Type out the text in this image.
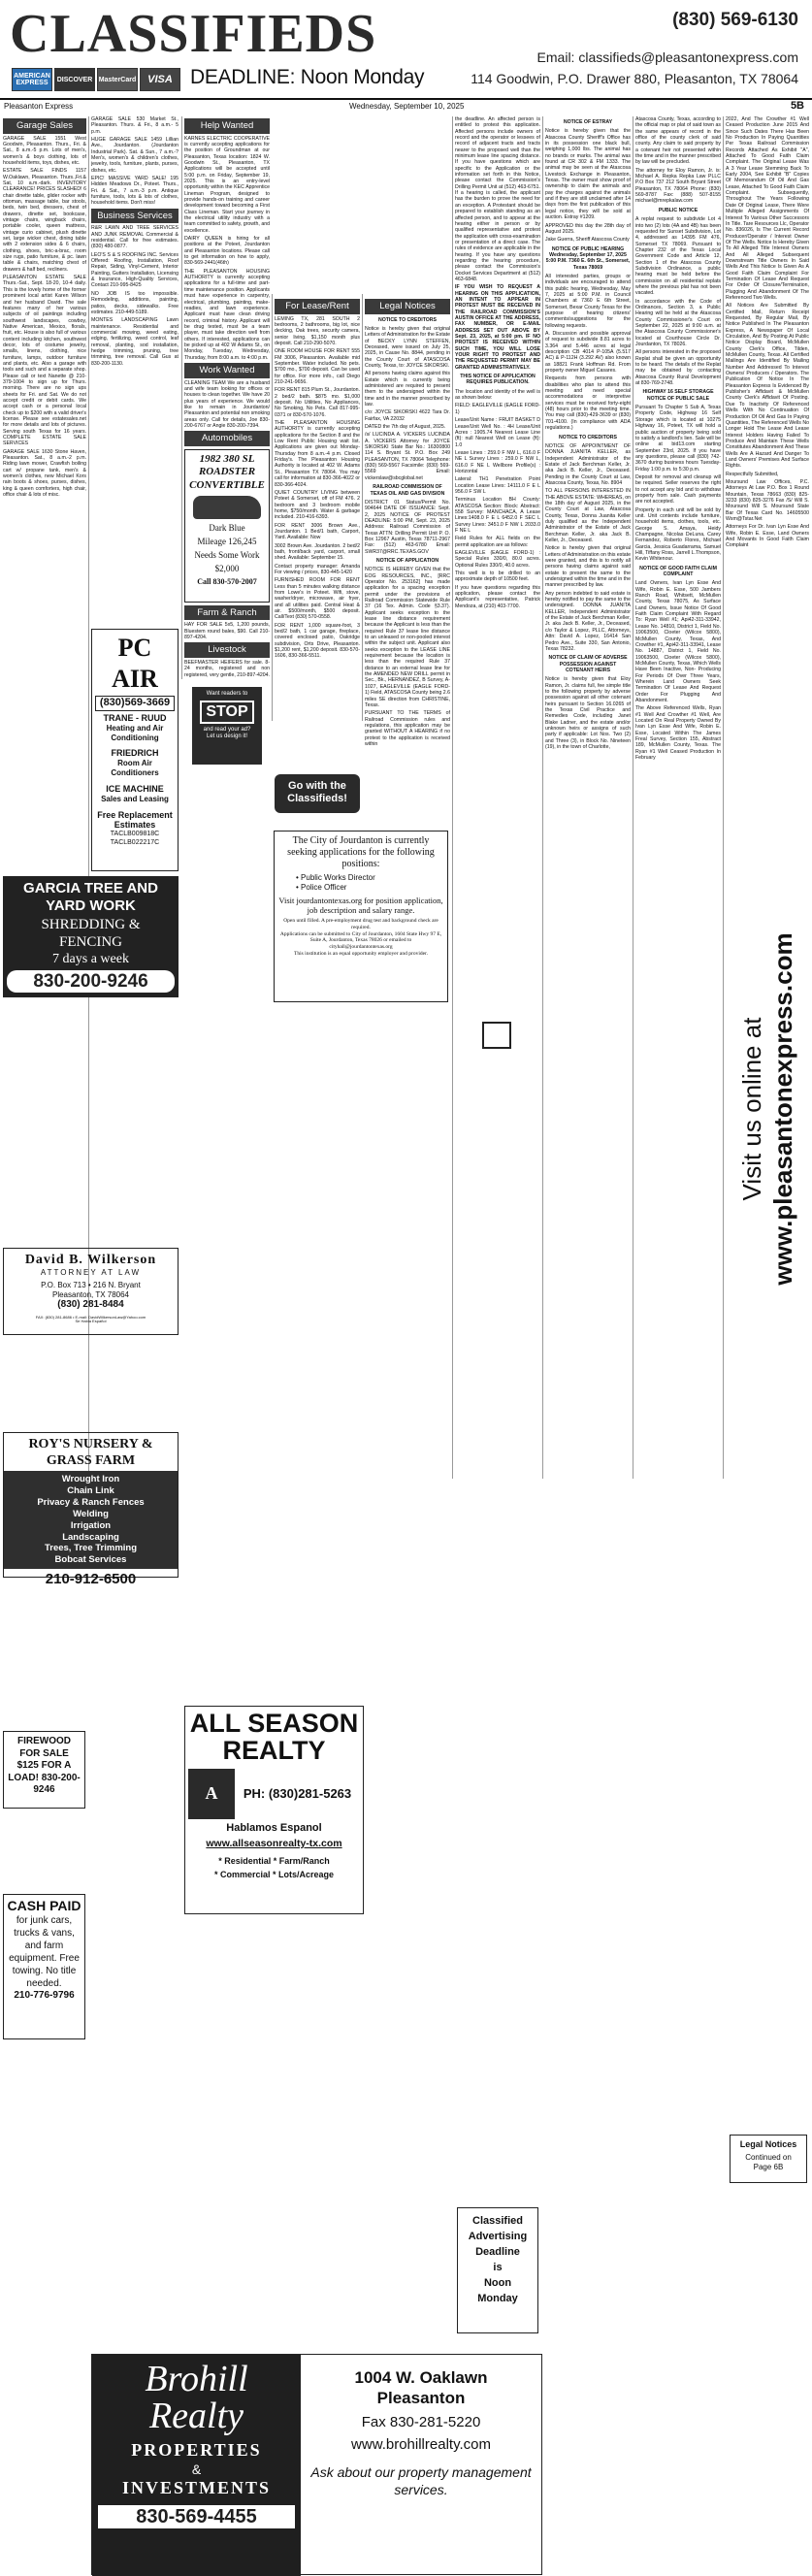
CLASSIFIEDS	(830) 569-6130
Email: classifieds@pleasantonexpress.com
114 Goodwin, P.O. Drawer 880, Pleasanton, TX 78064
AMERICAN EXPRESS	DISCOVER MasterCard	VISA DEADLINE: Noon Monday
Pleasanton Express	Wednesday, September 10, 2025	5B
Garage Sales

GARAGE SALE 1551 West Goodwin, Pleasanton. Thurs., Fri. & Sat., 8 a.m.-5 p.m. Lots of men's, women's & boys clothing, lots of household items, toys, dishes, etc.

ESTATE SALE FINDS 1157 W.Oaklawn, Pleasanton. Thurs.,Fri.& Sat, 10 a.m.-dark. INVENTORY CLEARANCE! PRICES SLASHED! 6 chair dinette table, glider rocker with ottoman, massage table, bar stools, beds, twin bed, dressers, chest of drawers, dinette set, bookcase, vintage chairs, wingback chairs, portable cooler, queen mattress, vintage curio cabinet, plush dinette set, large wicker chest, dining table with 2 extension sides & 6 chairs, clothing, shoes, bric-a-brac, room size rugs, patio furniture, & pc. lawn table & chairs, matching chest of drawers & half bed, recliners.

PLEASANTON ESTATE SALE Thurs.-Sat., Sept. 18-20, 10-4 daily. This is the lovely home of the former prominent local artist Karen Wilson and her husband David. The sale features many of her various subjects of oil paintings including southwest landscapes, cowboy, Native American, Mexico, florals, fruit, etc. House is also full of various content including kitchen, southwest decor, lots of costume jewelry, smalls, linens, clothing, nice furniture, lamps, outdoor furniture and plants, etc. Also a garage with tools and such and a separate shop. Please call or text Nanette @ 210-379-1004 to sign up for Thurs. morning. There are no sign ups sheets for Fri. and Sat. We do not accept credit or debit cards. We accept cash or a personal local check up to $200 with a valid driver's license. Please see estatesales.net for more details and lots of pictures. Serving south Texas for 16 years. COMPLETE ESTATE SALE SERVICES

GARAGE SALE 1630 Stone Haven, Pleasanton. Sat., 8 a.m.-2 p.m. Riding lawn mower, Crawfish boiling cart w/ propane tank, men's & women's clothes, new Michael Kors rain boots & shoes, purses, dishes, king & queen comforters, high chair, office chair & lots of misc.

GARAGE SALE 530 Market St., Pleasanton. Thurs. & Fri., 8 a.m.- 5 p.m.

HUGE GARAGE SALE 1459 Lillian Ave., Jourdanton. (Jourdanton Industrial Park). Sat. & Sun., 7 a.m.-? Men's, women's & children's clothes, jewelry, tools, furniture, plants, purses, dishes, etc.

EPIC! MASSIVE YARD SALE! 195 Hidden Meadows Dr., Poteet. Thurs., Fri. & Sat., 7 a.m.-3 p.m. Antique furniture, tools, lots & lots of clothes, household items. Don't miss!

Business Services

R&R LAWN AND TREE SERVICES AND JUNK REMOVAL Commercial & residential. Call for free estimates. (830) 480-0877.

LEO'S S & S ROOFING INC. Services Offered: Roofing, Installation, Roof Repair, Siding, Vinyl-Cement, Interior Painting, Gutters Installation, Licensing & Insurance, High-Quality Services, Contact 210-995-8425

NO JOB IS too impossible. Remodeling, additions, painting, patios, decks, sidewalks. Free estimates. 210-449-5189.

MONTES LANDSCAPING Lawn maintenance. Residential and commercial mowing, weed eating, edging, fertilizing, weed control, leaf removal, planting, sod installation, hedge trimming, pruning, tree trimming, tree removal. Call Gus at 830-200-1130.

PC AIR
(830)569-3669
TRANE - RUUD
Heating and Air Conditioning
FRIEDRICH
Room Air Conditioners
ICE MACHINE
Sales and Leasing
Free Replacement Estimates
TACLB009818C
TACLB022217C
GARCIA TREE AND
YARD WORK
SHREDDING &
FENCING
7 days a week
830-200-9246
David B. Wilkerson
ATTORNEY AT LAW
P.O. Box 713 • 216 N. Bryant
Pleasanton, TX 78064
(830) 281-8484
FAX: (830) 281-8686 • E-mail: DavidWilkersonLaw@Yahoo.com
Se Habla Español
ROY'S NURSERY &
GRASS FARM
Wrought Iron
Chain Link
Privacy & Ranch Fences
Welding
Irrigation
Landscaping
Trees, Tree Trimming
Bobcat Services
210-912-6500
FIREWOOD FOR SALE $125 FOR A LOAD! 830-200-9246
CASH PAID
for junk cars, trucks & vans, and farm equipment. Free towing. No title needed.
210-776-9796
Help Wanted

KARNES ELECTRIC COOPERATIVE is currently accepting applications for the position of Groundman at our Pleasanton, Texas location: 1824 W. Goodwin St., Pleasanton, TX Applications will be accepted until 5:00 p.m. on Friday, September 19, 2025. This is an entry-level opportunity within the KEC Apprentice Lineman Program, designed to provide hands-on training and career development toward becoming a First Class Lineman. Start your journey in the electrical utility industry with a team committed to safety, growth, and excellence.

DAIRY QUEEN is hiring for all positions at the Poteet, Jourdanton and Pleasanton locations. Please call to get information on how to apply, 830-569-2441(46th)

THE PLEASANTON HOUSING AUTHORITY is currently accepting applications for a full-time and part-time maintenance position. Applicants must have experience in carpentry, electrical, plumbing, painting, make-readies, and lawn experience. Applicant must have clean driving record, criminal history. Applicant will be drug tested, must be a team player, must take direction well from others. If interested, applications can be picked up at 402 W Adams St., on Monday, Tuesday, Wednesday, Thursday, from 8:00 a.m. to 4:00 p.m.

Work Wanted

CLEANING TEAM We are a husband and wife team looking for offices or houses to clean together. We have 20 plus years of experience. We would like to remain in Jourdanton/ Pleasanton and potential non smoking areas only. Call for details, Joe 830-200-6767 or Angie 830-200-7394.

Automobiles
1982 380 SL
ROADSTER
CONVERTIBLE
Dark Blue
Mileage 126,245
Needs Some Work
$2,000
Call 830-570-2007
Farm & Ranch

HAY FOR SALE 5x5, 1,200 pounds, Bluestem round bales, $90. Call 210-897-4204.

Livestock

BEEFMASTER HEIFERS for sale. 8-24 months, registered and non registered, very gentle, 210-897-4204.

Want readers to
STOP
and read your ad?
Let us design it!
The City of Jourdanton is currently seeking applications for the following positions:
• Public Works Director
• Police Officer
Visit jourdantontexas.org for position application, job description and salary range.
Open until filled. A pre-employment drug test and background check are required.
Applications can be submitted to City of Jourdanton, 1604 State Hwy 97 E, Suite A, Jourdanton, Texas 78026 or emailed to cityhall@jourdantontexas.org
This institution is an equal opportunity employer and provider.
For Lease/Rent

LEMING TX, 281 SOUTH 2 bedrooms, 2 bathrooms, big lot, nice decking, Oak trees, security camera, senior living. $1,150 month plus deposit. Call 210-290-5070.

ONE ROOM HOUSE FOR RENT 555 FM 3006, Pleasanton. Available mid September. Water included. No pets. $700 mo., $700 deposit. Can be used for office. For more info., call Diego 210-241-9656.

FOR RENT 815 Plum St., Jourdanton. 2 bed/2 bath. $875 mo. $1,000 deposit. No Utilities, No Appliances, No Smoking, No Pets. Call 817-995-0371 or 830-570-1076.

THE PLEASANTON HOUSING AUTHORITY is currently accepting applications for the Section 8 and the Low Rent Public Housing wait list. Applications are given out Monday-Thursday from 8 a.m.-4 p.m. Closed Friday's. The Pleasanton Housing Authority is located at 402 W. Adams St., Pleasanton TX 78064. You may call for information at 830-366-4022 or 830-366-4024.

QUIET COUNTRY LIVING between Poteet & Somerset, off of FM 476. 2 bedroom and 3 bedroom mobile home, $750/month. Water & garbage included. 210-416-6393.

FOR RENT 3006 Brown Ave., Jourdanton. 1 Bed/1 bath, Carport, Yard. Available: Now

3002 Brown Ave. Jourdanton. 2 bed/2 bath, front/back yard, carport, small shed. Available: September 15.

Contact property manager: Amanda For viewing / prices, 830-445-1420

FURNISHED ROOM FOR RENT Less than 5 minutes walking distance from Lowe's in Poteet. Wifi, stove, washer/dryer, microwave, air fryer, and all utilities paid. Central Heat & air. $500/month, $500 deposit. Call/Text (830) 570-0558.

FOR RENT 1,000 square-foot, 3 bed/2 bath, 1 car garage, fireplace, covered enclosed patio, Oakridge subdivision, Orts Drive, Pleasanton. $1,200 rent, $1,200 deposit. 830-570-1606, 830-366-5511.

Go with the Classifieds!
ALL SEASON
REALTY
A	PH: (830)281-5263
Hablamos Espanol
www.allseasonrealty-tx.com
* Residential * Farm/Ranch
* Commercial * Lots/Acreage
Brohill
Realty
PROPERTIES
&
INVESTMENTS
830-569-4455
1004 W. Oaklawn
Pleasanton
Fax 830-281-5220
www.brohillrealty.com
Ask about our property management services.
Legal Notices
NOTICE TO CREDITORS

Notice is hereby given that original Letters of Administration for the Estate of BECKY LYNN STEFFEN, Deceased, were issued on July 25, 2025, in Cause No. 8844, pending in the County Court of ATASCOSA County, Texas, to: JOYCE SIKORSKI.

All persons having claims against this Estate which is currently being administered are required to present them to the undersigned within the time and in the manner prescribed by law.

c/o: JOYCE SIKORSKI 4622 Tara Dr. Fairfax, VA 22032

DATED the 7th day of August, 2025.

/s/ LUCINDA A. VICKERS LUCINDA A. VICKERS Attorney for JOYCE SIKORSKI State Bar No.: 16300800 114 S. Bryant St. P.O. Box 249 PLEASANTON, TX 78064 Telephone: (830) 569-5567 Facsimile: (830) 569-5569 Email: vickerslaw@sbcglobal.net

RAILROAD COMMISSION OF TEXAS OIL AND GAS DIVISION

DISTRICT 01 Status/Permit No. 904644 DATE OF ISSUANCE: Sept. 2, 2025 NOTICE OF PROTEST DEADLINE: 5:00 PM, Sept. 23, 2025 Address: Railroad Commission of Texas ATTN: Drilling Permit Unit P. O. Box 12967 Austin, Texas 78711-2967 Fax: (512) 463-6780 Email: SWR37@RRC.TEXAS.GOV

NOTICE OF APPLICATION

NOTICE IS HEREBY GIVEN that the EOG RESOURCES, INC., [RRC Operator No. 253162] has made application for a spacing exception permit under the provisions of Railroad Commission Statewide Rule 37 (16 Tex. Admin. Code §3.37). Applicant seeks exception to the lease line distance requirement because the Applicant is less than the required Rule 37 lease line distance to an unleased or non-pooled interest within the subject unit. Applicant also seeks exception to the LEASE LINE requirement because the location is less than the required Rule 37 distance to an external lease line for the AMENDED NEW DRILL permit in Sec., Bk., HERNANDEZ, B Survey, A-1027, EAGLEVILLE (EAGLE FORD-1) Field, ATASCOSA County being 2.6 miles SE direction from CHRISTINE, Texas.

PURSUANT TO THE TERMS of Railroad Commission rules and regulations, this application may be granted WITHOUT A HEARING if no protest to the application is received within

the deadline. An affected person is entitled to protest this application. Affected persons include owners of record and the operator or lessees of record of adjacent tracts and tracts nearer to the proposed well than the minimum lease line spacing distance. If you have questions which are specific to the Application or the information set forth in this Notice, please contact the Commission's Drilling Permit Unit at (512) 463-6751. If a hearing is called, the applicant has the burden to prove the need for an exception. A Protestant should be prepared to establish standing as an affected person, and to appear at the hearing either in person or by qualified representative and protest the application with cross-examination or presentation of a direct case. The rules of evidence are applicable in the hearing. If you have any questions regarding the hearing procedure, please contact the Commission's Docket Services Department at (512) 463-6848.

IF YOU WISH TO REQUEST A HEARING ON THIS APPLICATION, AN INTENT TO APPEAR IN PROTEST MUST BE RECEIVED IN THE RAILROAD COMMISSION'S AUSTIN OFFICE AT THE ADDRESS, FAX NUMBER, OR E-MAIL ADDRESS SET OUT ABOVE BY Sept. 23, 2025, at 5:00 pm. IF NO PROTEST IS RECEIVED WITHIN SUCH TIME, YOU WILL LOSE YOUR RIGHT TO PROTEST AND THE REQUESTED PERMIT MAY BE GRANTED ADMINISTRATIVELY.

THIS NOTICE OF APPLICATION REQUIRES PUBLICATION.

The location and identity of the well is as shown below:

FIELD: EAGLEVILLE (EAGLE FORD-1)

Lease/Unit Name : FRUIT BASKET D Lease/Unit Well No. : 4H Lease/Unit Acres : 1905.74 Nearest Lease Line (ft): null Nearest Well on Lease (ft): 1.0

Lease Lines : 259.0 F NW L, 616.0 F NE L Survey Lines : 259.0 F NW L, 616.0 F NE L Wellbore Profile(s) : Horizontal

Lateral: TH1 Penetration Point Location Lease Lines: 14111.0 F E L 956.0 F SW L

Terminus Location BH County: ATASCOSA Section: Block: Abstract: 558 Survey: MANCHACA, A Lease Lines:1408.0 F E L 6452.0 F SEC L Survey Lines: 3451.0 F NW L 2033.0 F NE L

Field Rules for ALL fields on the permit application are as follows:

EAGLEVILLE (EAGLE FORD-1) : Special Rules 330/0, 80.0 acres. Optional Rules 330/0, 40.0 acres.

This well is to be drilled to an approximate depth of 10500 feet.

If you have questions regarding this application, please contact the Applicant's representative, Patrick Mendoza, at (210) 403-7700.

Classified
Advertising
Deadline
is
Noon
Monday
NOTICE OF ESTRAY

Notice is hereby given that the Atascosa County Sheriff's Office has in its possession one black bull, weighing 1,000 lbs. The animal has no brands or marks. The animal was found at CR 302 & FM 1333. The animal may be seen at the Atascosa Livestock Exchange in Pleasanton, Texas. The owner must show proof of ownership to claim the animals and pay the charges against the animals and if they are still unclaimed after 14 days from the first publication of this legal notice, they will be sold at auction. Estray #1209.

APPROVED this day the 28th day of August 2025.

Jake Guerra, Sheriff Atascosa County

NOTICE OF PUBLIC HEARING Wednesday, September 17, 2025 5:00 P.M. 7360 E. 6th St., Somerset, Texas 78069

All interested parties, groups or individuals are encouraged to attend this public hearing, Wednesday, May 7, 2025 at 5:00 P.M. in Council Chambers at 7360 E 6th Street, Somerset, Bexar County Texas for the purpose of hearing citizens' comments/suggestions for the following requests.

A. Discussion and possible approval of request to subdivide 8.81 acres to 3.364 and 5.446 acres at legal description CB 4014 P-105A (5.517 AC) & P-112H (3.292 AV) also known as 18821 Frank Hoffman Rd. From property owner Miguel Casares.

Requests from persons with disabilities who plan to attend this meeting and need special accommodations or interpretive services must be received forty-eight (48) hours prior to the meeting time. You may call (830)-429-3639 or (830) 701-4100. (In compliance with ADA regulations.)

NOTICE TO CREDITORS

NOTICE OF APPOINTMENT OF DONNA JUANITA KELLER, as Independent Administrator of the Estate of Jack Berchman Keller, Jr. aka Jack B. Keller, Jr., Deceased. Pending in the County Court at Law, Atascosa County, Texas, No. 8904

TO ALL PERSONS INTERESTED IN THE ABOVE ESTATE: WHEREAS, on the 18th day of August 2025, in the County Court at Law, Atascosa County, Texas, Donna Juanita Keller duly qualified as the Independent Administrator of the Estate of Jack Berchman Keller, Jr. aka Jack B. Keller, Jr., Deceased.

Notice is hereby given that original Letters of Administration on this estate were granted, and this is to notify all persons having claims against said estate to present the same to the undersigned within the time and in the manner prescribed by law.

Any person indebted to said estate is hereby notified to pay the same to the undersigned. DONNA JUANITA KELLER, Independent Administrator of the Estate of Jack Berchman Keller, Jr. aka Jack B. Keller, Jr., Deceased, c/o Taylor & Lopez, PLLC, Attorneys, Attn: David A. Lopez, 16414 San Pedro Ave., Suite 330, San Antonio, Texas 78232.

NOTICE OF CLAIM OF ADVERSE POSSESSION AGAINST COTENANT HEIRS

Notice is hereby given that Eloy Ramon, Jr. claims full, fee simple title to the following property by adverse possession against all other cotenant heirs pursuant to Section 16.0265 of the Texas Civil Practice and Remedies Code, including Janet Blake Ladner, and the estate and/or unknown heirs or assigns of such party if applicable: Lot Nos. Two (2) and Three (3), in Block No. Nineteen (19), in the town of Charlotte,

Atascosa County, Texas, according to the official map or plat of said town as the same appears of record in the office of the county clerk of said county. Any claim to said property by a cotenant heir not presented within the time and in the manner prescribed by law will be precluded.

The attorney for Eloy Ramon, Jr. is: Michael A. Repka Repka Law PLLC P.O Box 737 212 South Bryant Street Pleasanton, TX 78064 Phone: (830) 569-8787 Fax: (888) 507-8155 michael@mrepkalaw.com

PUBLIC NOTICE

A replat request to subdivide Lot 4 into two (2) lots (4A and 4B) has been requested for Sunset Subdivision, Lot 4, addressed as 14395 FM 476, Somerset TX 78069. Pursuant to Chapter 232 of the Texas Local Government Code and Article 12, Section 1 of the Atascosa County Subdivision Ordinance, a public hearing must be held before the commission on all residential replats where the previous plat has not been vacated.

In accordance with the Code of Ordinances, Section 3, a Public Hearing will be held at the Atascosa County Commissioner's Court on September 22, 2025 at 9:00 a.m. at the Atascosa County Commissioner's located at Courthouse Circle Dr. Jourdanton, TX 78026.

All persons interested in the proposed Replat shall be given an opportunity to be heard. The details of the Replat may be obtained by contacting Atascosa County Rural Development at 830-769-2748.

HIGHWAY 16 SELF STORAGE NOTICE OF PUBLIC SALE

Pursuant To Chapter 5 Sub A, Texas Property Code, Highway 16 Self Storage which is located at 10275 Highway 16, Poteet, TX will hold a public auction of property being sold to satisfy a landlord's lien. Sale will be online at bid13.com starting September 23rd, 2025. If you have any questions, please call (830) 742-3670 during business hours Tuesday-Friday 1:00 p.m. to 5:30 p.m.

Deposit for removal and cleanup will be required. Seller reserves the right to not accept any bid and to withdraw property from sale. Cash payments are not accepted.

Property in each unit will be sold by unit. Unit contents include furniture, household items, clothes, tools, etc. George S. Amaya, Heidy Champagne, Nicolas DeLuna, Carey Fernandez, Roberto Flores, Michael Garcia, Jessica Guadarrama, Samuel Hill, Tiffany Ross, Jarrell L.Thompson, Kevin Whitenour.

NOTICE OF GOOD FAITH CLAIM COMPLAINT

Land Owners, Ivan Lyn Esse And Wife, Robin E. Esse, 500 Jambers Ranch Road, Whitsett, McMullen County, Texas 78075, As Surface Land Owners, Issue Notice Of Good Faith Claim Complaint With Regard To: Ryan Well #1; Api42-311-33942, Lease No. 14810, District 1, Field No. 19063500, Cloeter (Wilcox 5800), McMullen County, Texas, And Crowther #1, Api42-311-33941, Lease No. 14887, District 1, Field No. 19063500, Cloeter (Wilcox 5800), McMullen County, Texas, Which Wells Have Been Inactive, Non- Producing For Periods Of Over Three Years, Wherein Land Owners Seek Termination Of Lease And Request Order For Plugging And Abandonment.

The Above Referenced Wells, Ryan #1 Well And Crowther #1 Well, Are Located On Real Property Owned By Ivan Lyn Esse And Wife, Robin E. Esse, Located Within The James Freal Survey, Section 155, Abstract 189, McMullen County, Texas. The Ryan #1 Well Ceased Production In February

2022, And The Crowther #1 Well Ceased Production June 2015 And Since Such Dates There Has Been No Production In Paying Quantities Per Texas Railroad Commission Records Attached As Exhibit "A", Attached To Good Faith Claim Complaint. The Original Lease Was A 3 Year Lease Stemming Back To Early 2004, See Exhibit "B" Copies Of Memorandum Of Oil And Gas Lease, Attached To Good Faith Claim Complaint. Subsequently, Throughout The Years Following Date Of Original Lease, There Were Multiple Alleged Assignments Of Interest To Various Other Successors In Title. Tare Resources Llc, Operator No. 836026, Is The Current Record Producer/Operator / Interest Owner Of The Wells. Notice Is Hereby Given To All Alleged Title Interest Owners And All Alleged Subsequent Downstream Title Owners In Said Wells And This Notice Is Given As A Good Faith Claim Complaint For Termination Of Lease And Request For Order Of Closure/Termination, Plugging And Abandonment Of The Referenced Two Wells.

All Notices Are Submitted By Certified Mail, Return Receipt Requested, By Regular Mail, By Notice Published In The Pleasanton Express, A Newspaper Of Local Circulation, And By Posting At Public Notice Display Board, McMullen County Clerk's Office, Tilden, McMullen County, Texas. All Certified Mailings Are Identified By Mailing Number And Addressed To Interest Owners/ Producers / Operators. The Publication Of Notice In The Pleasanton Express Is Evidenced By Publisher's Affidavit & McMullen County Clerk's Affidavit Of Posting. Due To Inactivity Of Referenced Wells With No Continuation Of Production Of Oil And Gas In Paying Quantities, The Referenced Wells No Longer Hold The Lease And Lease Interest Holders Having Failed To Produce And Maintain These Wells Constitutes Abandonment And These Wells Are A Hazard And Danger To Land Owners' Premises And Surface Rights.

Respectfully Submitted,

Moursund Law Offices, P.C. Attorneys At Law P.O. Box 1 Round Mountain, Texas 78663 (830) 825-3233 (830) 825-3276 Fax /S/ Will S. Moursund Will S. Moursund State Bar Of Texas Card No. 14605500 Wsm@Tstar.Net

Attorneys For Dr. Ivan Lyn Esse And Wife, Robin E. Esse, Land Owners And Movants In Good Faith Claim Complaint

Legal Notices
Continued on
Page 6B
Visit us online at www.pleasantonexpress.com
